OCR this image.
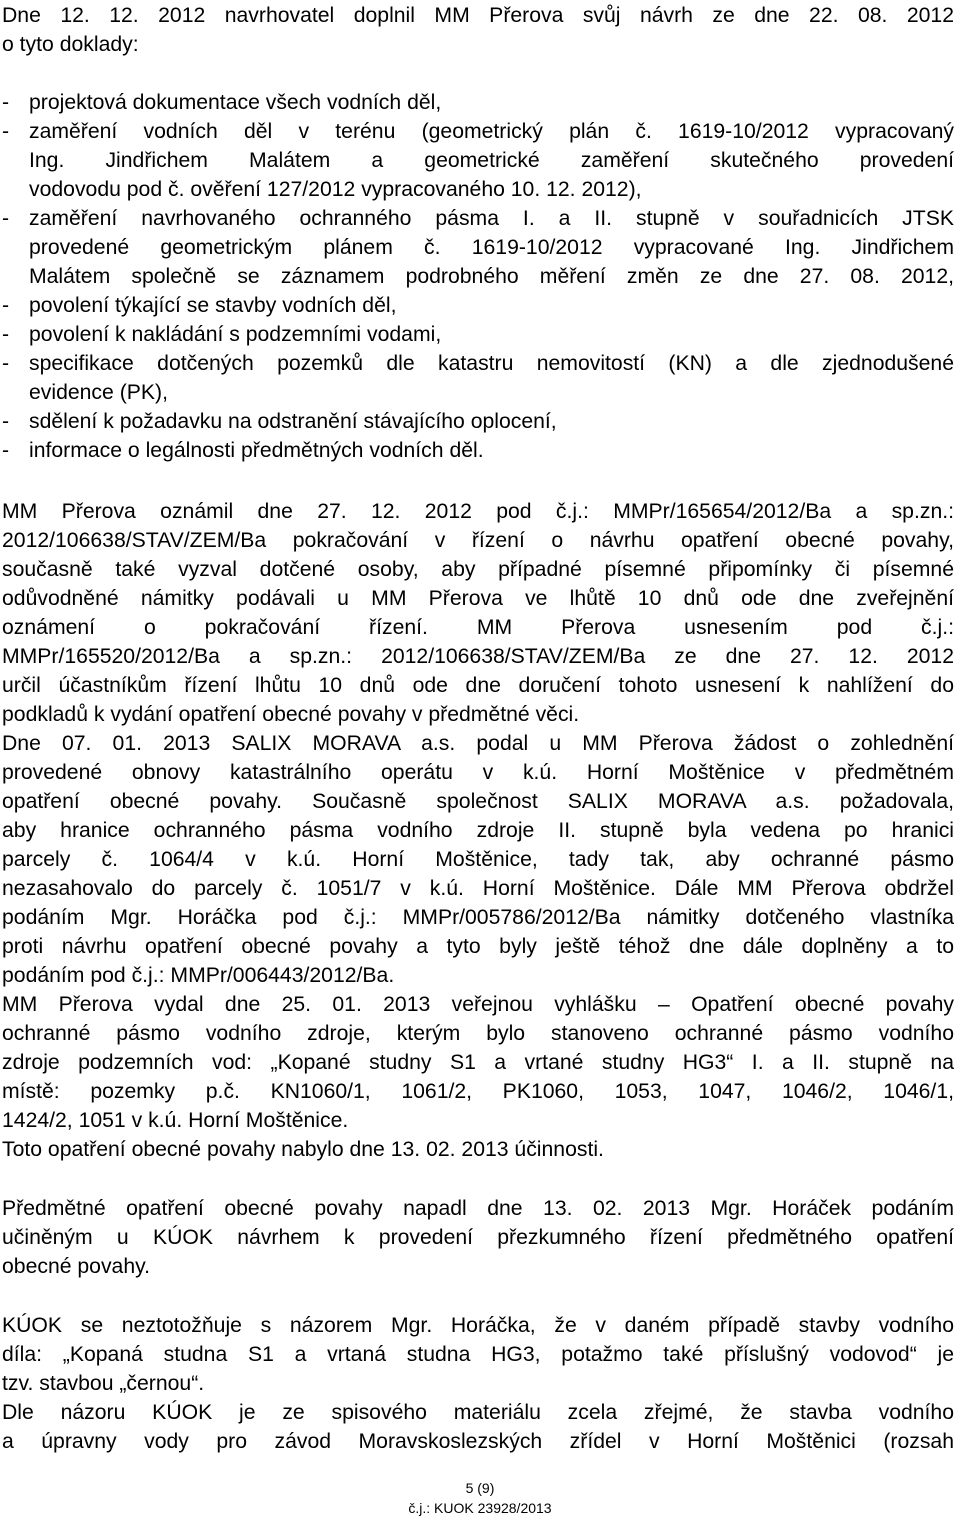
Dne 12. 12. 2012 navrhovatel doplnil MM Přerova svůj návrh ze dne 22. 08. 2012
o tyto doklady:
- projektová dokumentace všech vodních děl,
- zaměření vodních děl v terénu (geometrický plán č. 1619-10/2012 vypracovaný
Ing. Jindřichem Malátem a geometrické zaměření skutečného provedení
vodovodu pod č. ověření 127/2012 vypracovaného 10. 12. 2012),
- zaměření navrhovaného ochranného pásma I. a II. stupně v souřadnicích JTSK
provedené geometrickým plánem č. 1619-10/2012 vypracované Ing. Jindřichem
Malátem společně se záznamem podrobného měření změn ze dne 27. 08. 2012,
- povolení týkající se stavby vodních děl,
- povolení k nakládání s podzemními vodami,
- specifikace dotčených pozemků dle katastru nemovitostí (KN) a dle zjednodušené
evidence (PK),
- sdělení k požadavku na odstranění stávajícího oplocení,
- informace o legálnosti předmětných vodních děl.
MM Přerova oznámil dne 27. 12. 2012 pod č.j.: MMPr/165654/2012/Ba a sp.zn.:
2012/106638/STAV/ZEM/Ba pokračování v řízení o návrhu opatření obecné povahy,
současně také vyzval dotčené osoby, aby případné písemné připomínky či písemné
odůvodněné námitky podávali u MM Přerova ve lhůtě 10 dnů ode dne zveřejnění
oznámení o pokračování řízení. MM Přerova usnesením pod č.j.:
MMPr/165520/2012/Ba a sp.zn.: 2012/106638/STAV/ZEM/Ba ze dne 27. 12. 2012
určil účastníkům řízení lhůtu 10 dnů ode dne doručení tohoto usnesení k nahlížení do
podkladů k vydání opatření obecné povahy v předmětné věci.
Dne 07. 01. 2013 SALIX MORAVA a.s. podal u MM Přerova žádost o zohlednění
provedené obnovy katastrálního operátu v k.ú. Horní Moštěnice v předmětném
opatření obecné povahy. Současně společnost SALIX MORAVA a.s. požadovala,
aby hranice ochranného pásma vodního zdroje II. stupně byla vedena po hranici
parcely č. 1064/4 v k.ú. Horní Moštěnice, tady tak, aby ochranné pásmo
nezasahovalo do parcely č. 1051/7 v k.ú. Horní Moštěnice. Dále MM Přerova obdržel
podáním Mgr. Horáčka pod č.j.: MMPr/005786/2012/Ba námitky dotčeného vlastníka
proti návrhu opatření obecné povahy a tyto byly ještě téhož dne dále doplněny a to
podáním pod č.j.: MMPr/006443/2012/Ba.
MM Přerova vydal dne 25. 01. 2013 veřejnou vyhlášku – Opatření obecné povahy
ochranné pásmo vodního zdroje, kterým bylo stanoveno ochranné pásmo vodního
zdroje podzemních vod: „Kopané studny S1 a vrtané studny HG3“ I. a II. stupně na
místě: pozemky p.č. KN1060/1, 1061/2, PK1060, 1053, 1047, 1046/2, 1046/1,
1424/2, 1051 v k.ú. Horní Moštěnice.
Toto opatření obecné povahy nabylo dne 13. 02. 2013 účinnosti.
Předmětné opatření obecné povahy napadl dne 13. 02. 2013 Mgr. Horáček podáním
učiněným u KÚOK návrhem k provedení přezkumného řízení předmětného opatření
obecné povahy.
KÚOK se neztotožňuje s názorem Mgr. Horáčka, že v daném případě stavby vodního
díla: „Kopaná studna S1 a vrtaná studna HG3, potažmo také příslušný vodovod“ je
tzv. stavbou „černou“.
Dle názoru KÚOK je ze spisového materiálu zcela zřejmé, že stavba vodního
a úpravny vody pro závod Moravskoslezských zřídel v Horní Moštěnici (rozsah
5 (9)
č.j.: KUOK 23928/2013
